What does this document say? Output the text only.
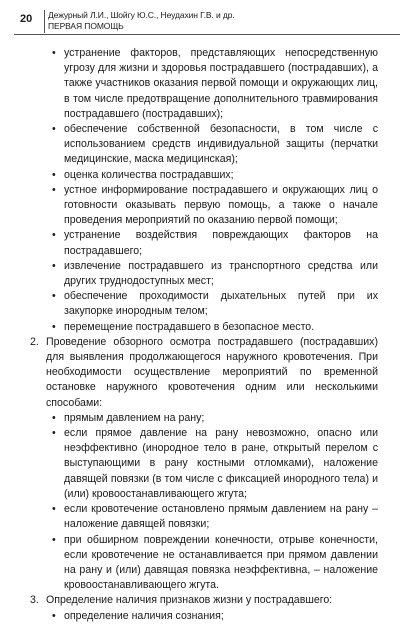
20 Дежурный Л.И., Шойгу Ю.С., Неудахин Г.В. и др.
ПЕРВАЯ ПОМОЩЬ
• устранение факторов, представляющих непосредственную угрозу для жизни и здоровья пострадавшего (пострадавших), а также участников оказания первой помощи и окружающих лиц, в том числе предотвращение дополнительного травмирования пострадавшего (пострадавших);
• обеспечение собственной безопасности, в том числе с использованием средств индивидуальной защиты (перчатки медицинские, маска медицинская);
• оценка количества пострадавших;
• устное информирование пострадавшего и окружающих лиц о готовности оказывать первую помощь, а также о начале проведения мероприятий по оказанию первой помощи;
• устранение воздействия повреждающих факторов на пострадавшего;
• извлечение пострадавшего из транспортного средства или других труднодоступных мест;
• обеспечение проходимости дыхательных путей при их закупорке инородным телом;
• перемещение пострадавшего в безопасное место.
2. Проведение обзорного осмотра пострадавшего (пострадавших) для выявления продолжающегося наружного кровотечения. При необходимости осуществление мероприятий по временной остановке наружного кровотечения одним или несколькими способами:
• прямым давлением на рану;
• если прямое давление на рану невозможно, опасно или неэффективно (инородное тело в ране, открытый перелом с выступающими в рану костными отломками), наложение давящей повязки (в том числе с фиксацией инородного тела) и (или) кровоостанавливающего жгута;
• если кровотечение остановлено прямым давлением на рану – наложение давящей повязки;
• при обширном повреждении конечности, отрыве конечности, если кровотечение не останавливается при прямом давлении на рану и (или) давящая повязка неэффективна, – наложение кровоостанавливающего жгута.
3. Определение наличия признаков жизни у пострадавшего:
• определение наличия сознания;
